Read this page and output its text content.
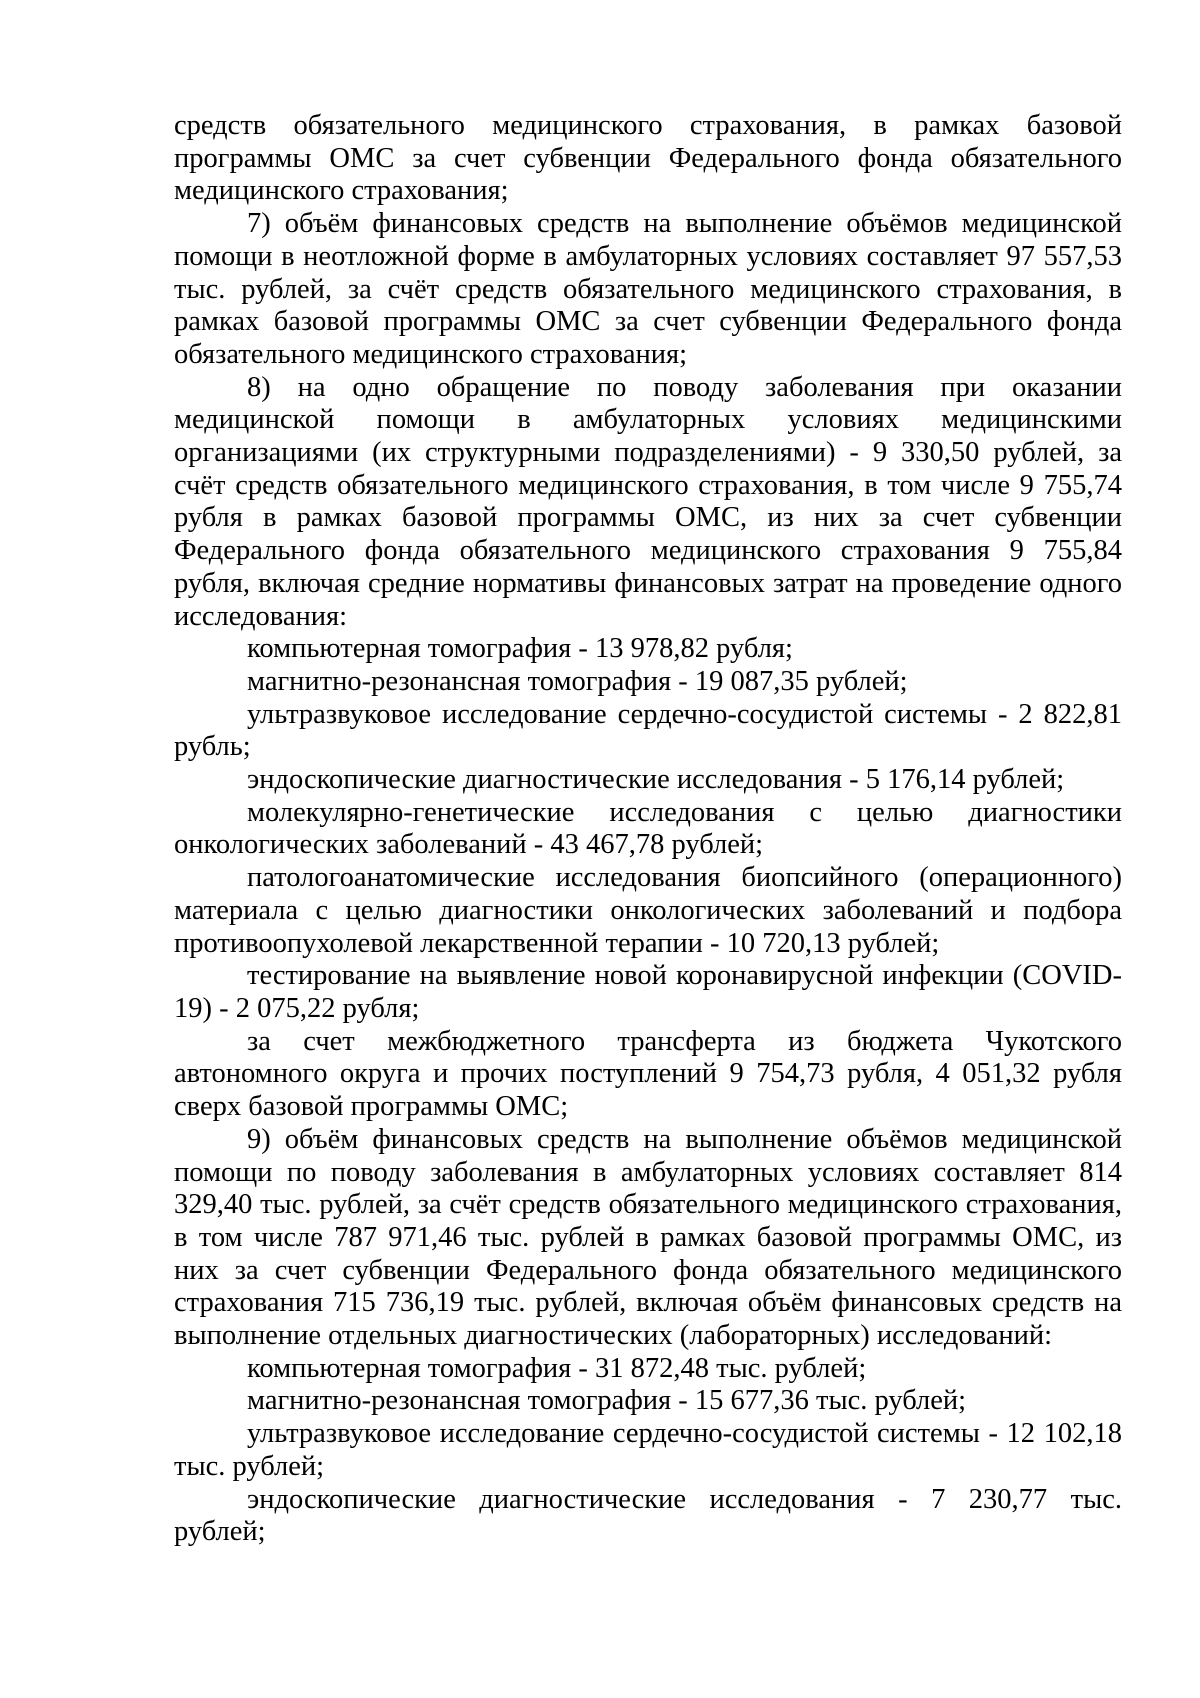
средств обязательного медицинского страхования, в рамках базовой программы ОМС за счет субвенции Федерального фонда обязательного медицинского страхования;

7) объём финансовых средств на выполнение объёмов медицинской помощи в неотложной форме в амбулаторных условиях составляет 97 557,53 тыс. рублей, за счёт средств обязательного медицинского страхования, в рамках базовой программы ОМС за счет субвенции Федерального фонда обязательного медицинского страхования;

8) на одно обращение по поводу заболевания при оказании медицинской помощи в амбулаторных условиях медицинскими организациями (их структурными подразделениями) - 9 330,50 рублей, за счёт средств обязательного медицинского страхования, в том числе 9 755,74 рубля в рамках базовой программы ОМС, из них за счет субвенции Федерального фонда обязательного медицинского страхования 9 755,84 рубля, включая средние нормативы финансовых затрат на проведение одного исследования:

компьютерная томография - 13 978,82 рубля;

магнитно-резонансная томография - 19 087,35 рублей;

ультразвуковое исследование сердечно-сосудистой системы - 2 822,81 рубль;

эндоскопические диагностические исследования - 5 176,14 рублей;

молекулярно-генетические исследования с целью диагностики онкологических заболеваний - 43 467,78 рублей;

патологоанатомические исследования биопсийного (операционного) материала с целью диагностики онкологических заболеваний и подбора противоопухолевой лекарственной терапии - 10 720,13 рублей;

тестирование на выявление новой коронавирусной инфекции (COVID-19) - 2 075,22 рубля;

за счет межбюджетного трансферта из бюджета Чукотского автономного округа и прочих поступлений 9 754,73 рубля, 4 051,32 рубля сверх базовой программы ОМС;

9) объём финансовых средств на выполнение объёмов медицинской помощи по поводу заболевания в амбулаторных условиях составляет 814 329,40 тыс. рублей, за счёт средств обязательного медицинского страхования, в том числе 787 971,46 тыс. рублей в рамках базовой программы ОМС, из них за счет субвенции Федерального фонда обязательного медицинского страхования 715 736,19 тыс. рублей, включая объём финансовых средств на выполнение отдельных диагностических (лабораторных) исследований:

компьютерная томография - 31 872,48 тыс. рублей;

магнитно-резонансная томография - 15 677,36 тыс. рублей;

ультразвуковое исследование сердечно-сосудистой системы - 12 102,18 тыс. рублей;

эндоскопические диагностические исследования - 7 230,77 тыс. рублей;
